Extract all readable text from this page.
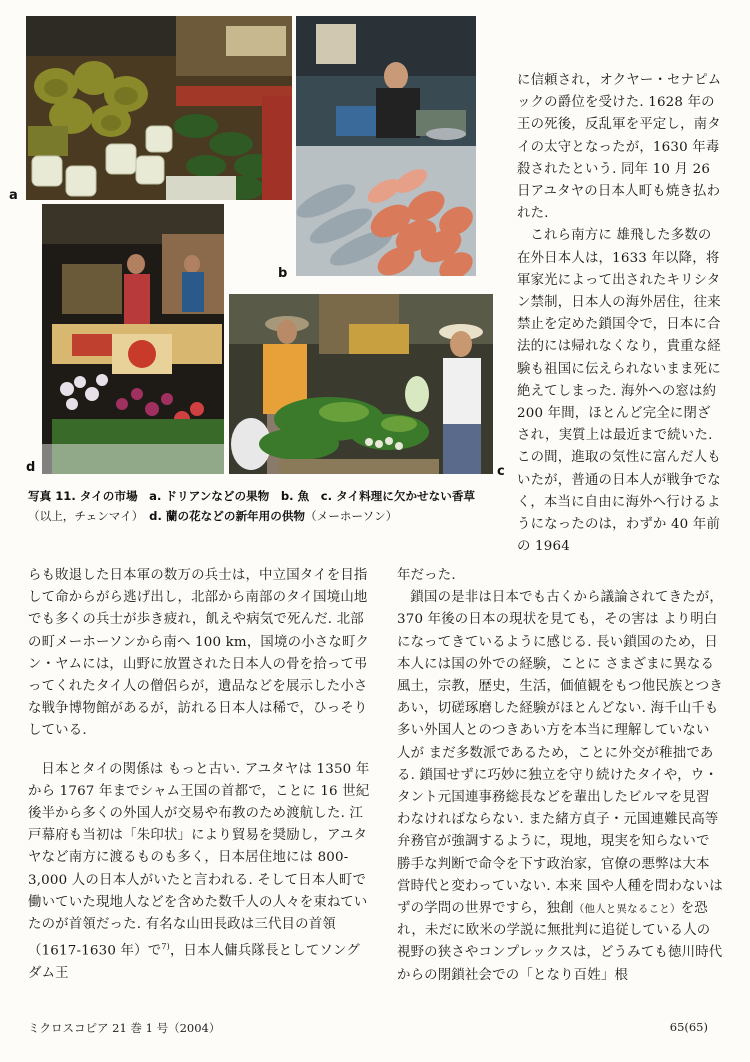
a
b
d	c
写真 11. タイの市場　a. ドリアンなどの果物　b. 魚　c. タイ料理に欠かせない香草（以上，チェンマイ）　d. 蘭の花などの新年用の供物（メーホーソン）

に信頼され，オクヤー・セナピムックの爵位を受けた. 1628 年の王の死後，反乱軍を平定し，南タイの太守となったが，1630 年毒殺されたという. 同年 10 月 26 日アユタヤの日本人町も焼き払われた.

これら南方に 雄飛した多数の在外日本人は，1633 年以降，将軍家光によって出されたキリシタン禁制，日本人の海外居住，往来禁止を定めた鎖国令で，日本に合法的には帰れなくなり，貴重な経験も祖国に伝えられないまま死に絶えてしまった. 海外への窓は約 200 年間，ほとんど完全に閉ざされ，実質上は最近まで続いた. この間，進取の気性に富んだ人もいたが，普通の日本人が戦争でなく，本当に自由に海外へ行けるようになったのは，わずか 40 年前の 1964

らも敗退した日本軍の数万の兵士は，中立国タイを目指して命からがら逃げ出し，北部から南部のタイ国境山地でも多くの兵士が歩き疲れ，飢えや病気で死んだ. 北部の町メーホーソンから南へ 100 km，国境の小さな町クン・ヤムには，山野に放置された日本人の骨を拾って弔ってくれたタイ人の僧侶らが，遺品などを展示した小さな戦争博物館があるが，訪れる日本人は稀で，ひっそりしている.

日本とタイの関係は もっと古い. アユタヤは 1350 年から 1767 年までシャム王国の首都で，ことに 16 世紀後半から多くの外国人が交易や布教のため渡航した. 江戸幕府も当初は「朱印状」により貿易を奨励し，アユタヤなど南方に渡るものも多く，日本居住地には 800-3,000 人の日本人がいたと言われる. そして日本人町で働いていた現地人などを含めた数千人の人々を束ねていたのが首領だった. 有名な山田長政は三代目の首領（1617-1630 年）で$^{7)}$，日本人傭兵隊長としてソングダム王

年だった.

鎖国の是非は日本でも古くから議論されてきたが，370 年後の日本の現状を見ても，その害は より明白になってきているように感じる. 長い鎖国のため，日本人には国の外での経験，ことに さまざまに異なる風土，宗教，歴史，生活，価値観をもつ他民族とつきあい，切磋琢磨した経験がほとんどない. 海千山千も多い外国人とのつきあい方を本当に理解していない人が まだ多数派であるため，ことに外交が稚拙である. 鎖国せずに巧妙に独立を守り続けたタイや，ウ・タント元国連事務総長などを輩出したビルマを見習わなければならない. また緒方貞子・元国連難民高等弁務官が強調するように，現地，現実を知らないで勝手な判断で命令を下す政治家，官僚の悪弊は大本営時代と変わっていない. 本来 国や人種を問わないはずの学問の世界ですら，独創（他人と異なること）を恐れ，未だに欧米の学説に無批判に追従している人の視野の狭さやコンプレックスは，どうみても徳川時代からの閉鎖社会での「となり百姓」根

ミクロスコピア 21 巻 1 号（2004）	65(65)
